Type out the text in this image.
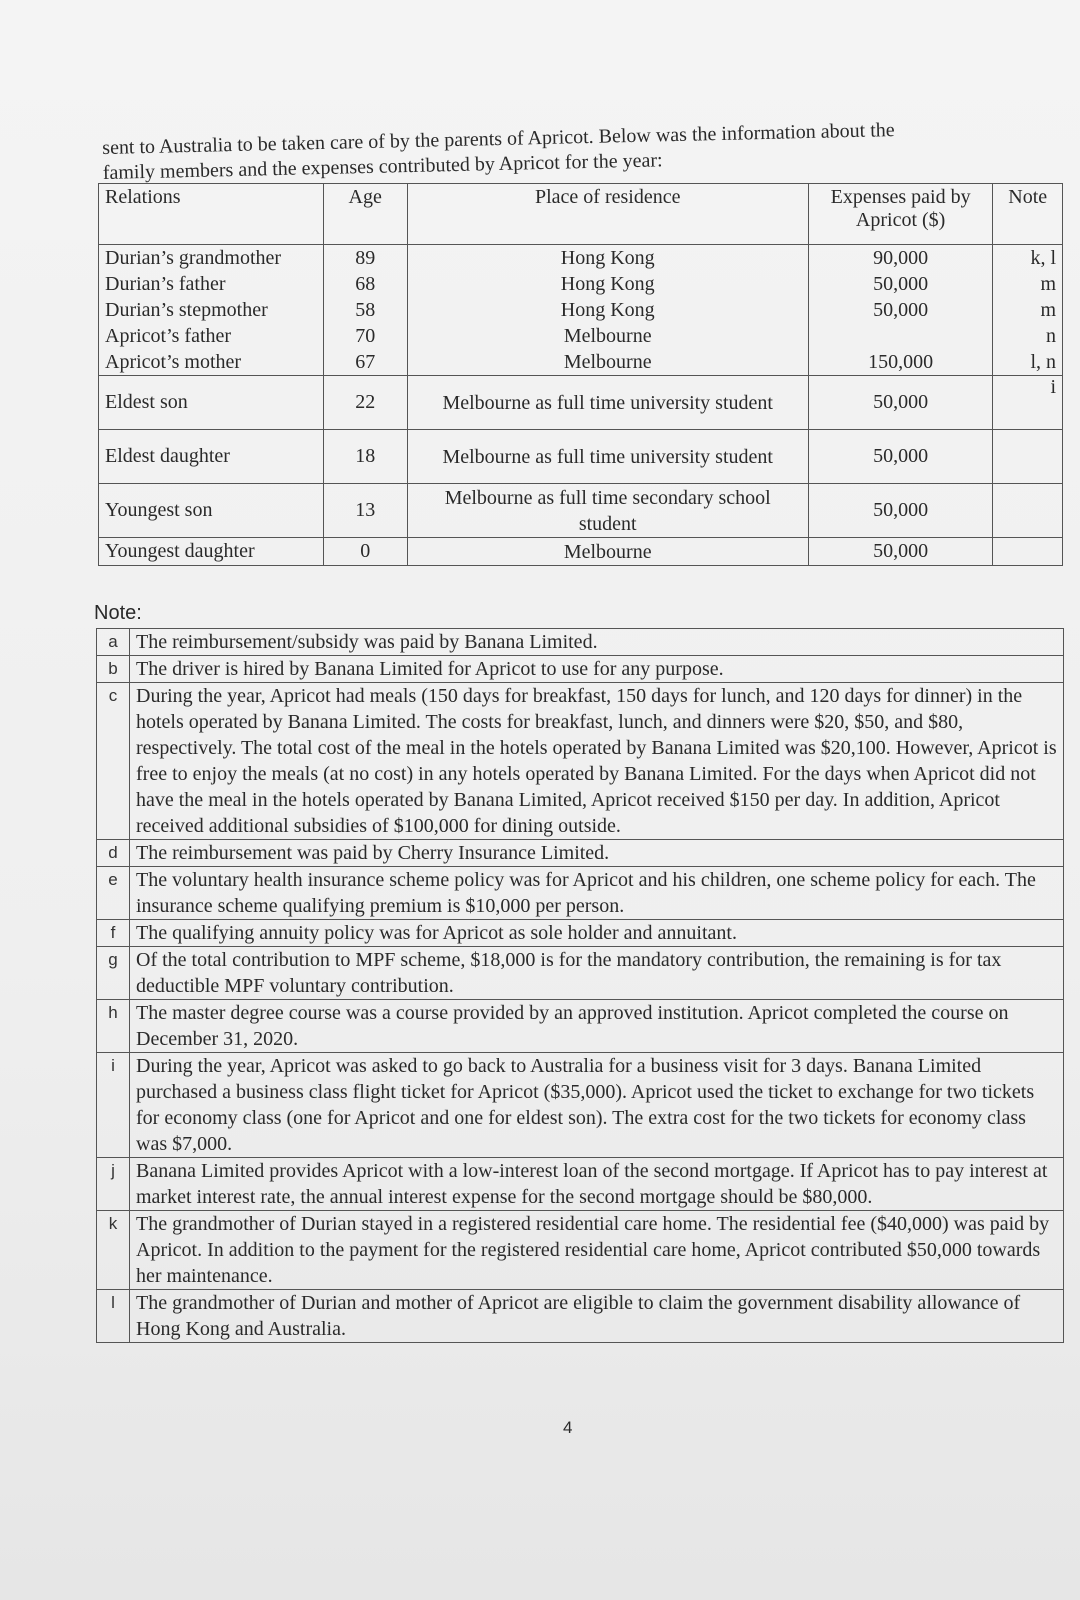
sent to Australia to be taken care of by the parents of Apricot. Below was the information about the

family members and the expenses contributed by Apricot for the year:

Relations	Age	Place of residence	Expenses paid by Apricot ($)	Note
Durian’s grandmother	89	Hong Kong	90,000	k, l
Durian’s father	68	Hong Kong	50,000	m
Durian’s stepmother	58	Hong Kong	50,000	m
Apricot’s father	70	Melbourne		n
Apricot’s mother	67	Melbourne	150,000	l, n
Eldest son	22	Melbourne as full time university student	50,000	i
Eldest daughter	18	Melbourne as full time university student	50,000	
Youngest son	13	Melbourne as full time secondary school student	50,000	
Youngest daughter	0	Melbourne	50,000	
Note:
a	The reimbursement/subsidy was paid by Banana Limited.
b	The driver is hired by Banana Limited for Apricot to use for any purpose.
c	During the year, Apricot had meals (150 days for breakfast, 150 days for lunch, and 120 days for dinner) in the hotels operated by Banana Limited. The costs for breakfast, lunch, and dinners were $20, $50, and $80, respectively. The total cost of the meal in the hotels operated by Banana Limited was $20,100. However, Apricot is free to enjoy the meals (at no cost) in any hotels operated by Banana Limited. For the days when Apricot did not have the meal in the hotels operated by Banana Limited, Apricot received $150 per day. In addition, Apricot received additional subsidies of $100,000 for dining outside.
d	The reimbursement was paid by Cherry Insurance Limited.
e	The voluntary health insurance scheme policy was for Apricot and his children, one scheme policy for each. The insurance scheme qualifying premium is $10,000 per person.
f	The qualifying annuity policy was for Apricot as sole holder and annuitant.
g	Of the total contribution to MPF scheme, $18,000 is for the mandatory contribution, the remaining is for tax deductible MPF voluntary contribution.
h	The master degree course was a course provided by an approved institution. Apricot completed the course on December 31, 2020.
i	During the year, Apricot was asked to go back to Australia for a business visit for 3 days. Banana Limited purchased a business class flight ticket for Apricot ($35,000). Apricot used the ticket to exchange for two tickets for economy class (one for Apricot and one for eldest son). The extra cost for the two tickets for economy class was $7,000.
j	Banana Limited provides Apricot with a low-interest loan of the second mortgage. If Apricot has to pay interest at market interest rate, the annual interest expense for the second mortgage should be $80,000.
k	The grandmother of Durian stayed in a registered residential care home. The residential fee ($40,000) was paid by Apricot. In addition to the payment for the registered residential care home, Apricot contributed $50,000 towards her maintenance.
l	The grandmother of Durian and mother of Apricot are eligible to claim the government disability allowance of Hong Kong and Australia.
4
